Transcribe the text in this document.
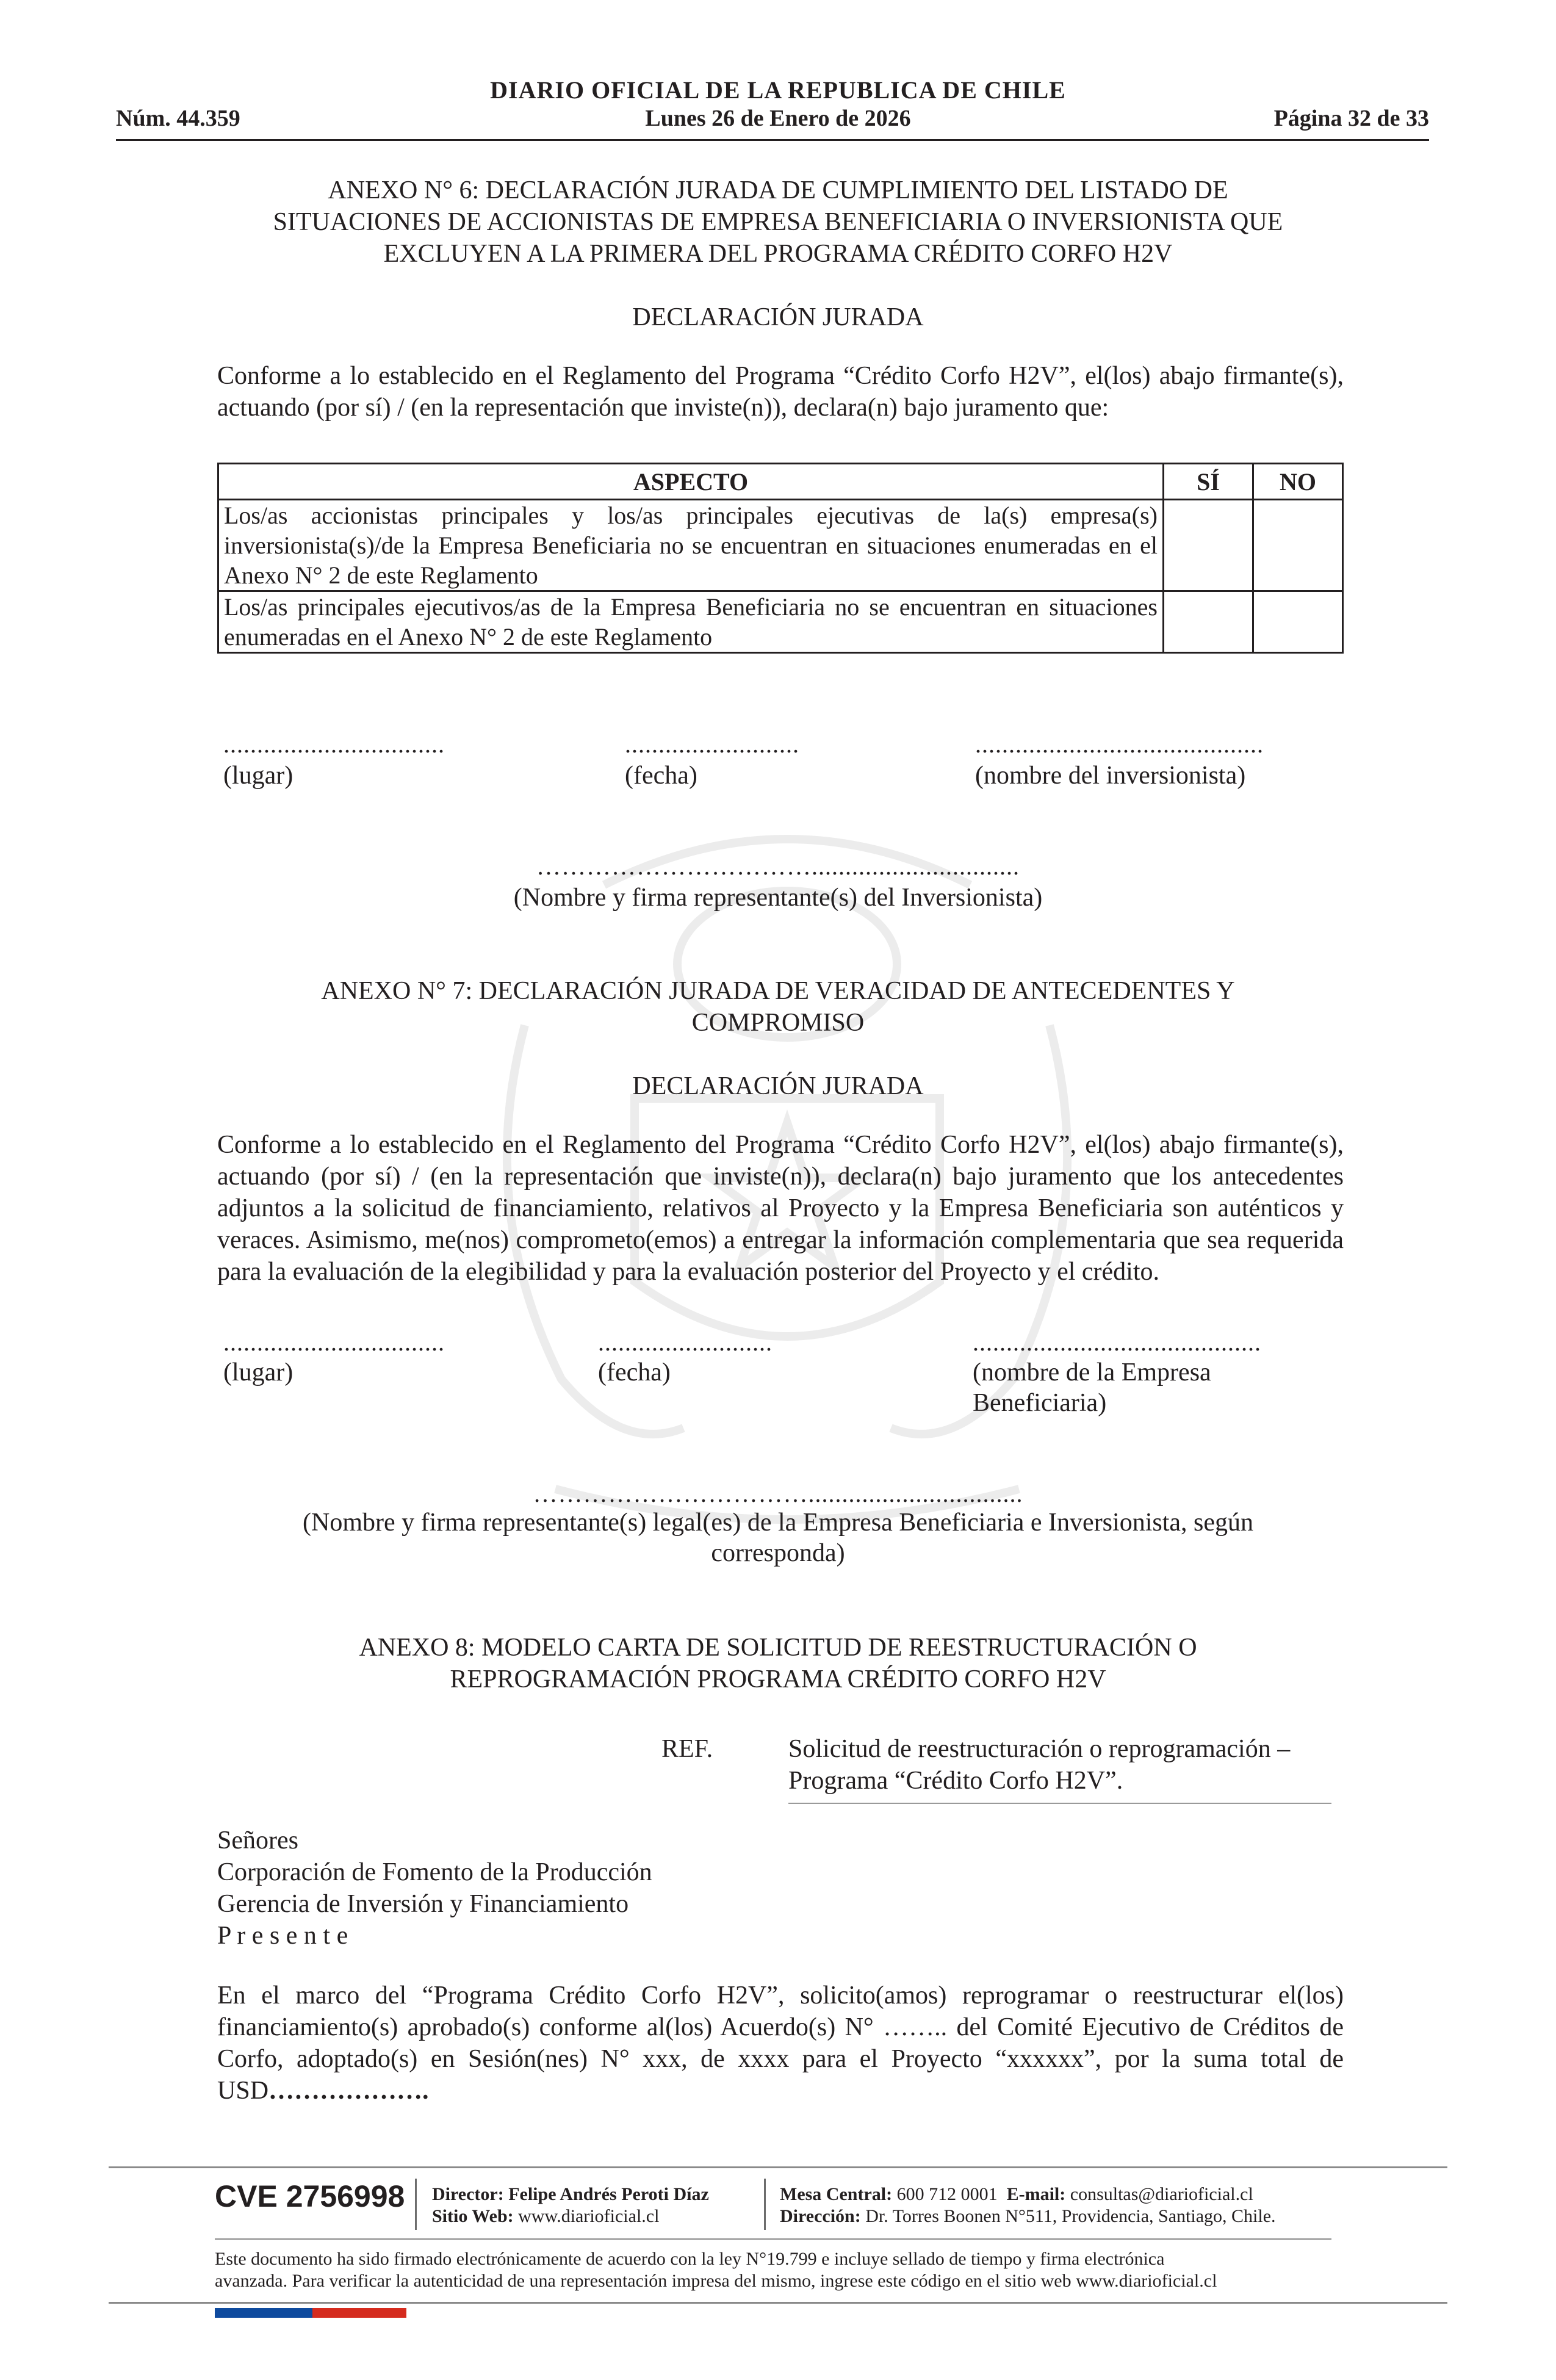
DIARIO OFICIAL DE LA REPUBLICA DE CHILE
Núm. 44.359	Lunes 26 de Enero de 2026	Página 32 de 33
ANEXO N° 6: DECLARACIÓN JURADA DE CUMPLIMIENTO DEL LISTADO DE
SITUACIONES DE ACCIONISTAS DE EMPRESA BENEFICIARIA O INVERSIONISTA QUE
EXCLUYEN A LA PRIMERA DEL PROGRAMA CRÉDITO CORFO H2V
DECLARACIÓN JURADA
Conforme a lo establecido en el Reglamento del Programa “Crédito Corfo H2V”, el(los) abajo firmante(s), actuando (por sí) / (en la representación que inviste(n)), declara(n) bajo juramento que:
ASPECTO	SÍ	NO
Los/as accionistas principales y los/as principales ejecutivas de la(s) empresa(s) inversionista(s)/de la Empresa Beneficiaria no se encuentran en situaciones enumeradas en el Anexo N° 2 de este Reglamento		
Los/as principales ejecutivos/as de la Empresa Beneficiaria no se encuentran en situaciones enumeradas en el Anexo N° 2 de este Reglamento		
.................................
(lugar)
..........................
(fecha)
...........................................
(nombre del inversionista)
……………………………...............................
(Nombre y firma representante(s) del Inversionista)
ANEXO N° 7: DECLARACIÓN JURADA DE VERACIDAD DE ANTECEDENTES Y
COMPROMISO
DECLARACIÓN JURADA
Conforme a lo establecido en el Reglamento del Programa “Crédito Corfo H2V”, el(los) abajo firmante(s), actuando (por sí) / (en la representación que inviste(n)), declara(n) bajo juramento que los antecedentes adjuntos a la solicitud de financiamiento, relativos al Proyecto y la Empresa Beneficiaria son auténticos y veraces. Asimismo, me(nos) comprometo(emos) a entregar la información complementaria que sea requerida para la evaluación de la elegibilidad y para la evaluación posterior del Proyecto y el crédito.
.................................
(lugar)
..........................
(fecha)
...........................................
(nombre de la Empresa
Beneficiaria)
……………………………................................
(Nombre y firma representante(s) legal(es) de la Empresa Beneficiaria e Inversionista, según
corresponda)
ANEXO 8: MODELO CARTA DE SOLICITUD DE REESTRUCTURACIÓN O
REPROGRAMACIÓN PROGRAMA CRÉDITO CORFO H2V
REF.	Solicitud de reestructuración o reprogramación –
Programa “Crédito Corfo H2V”.
Señores
Corporación de Fomento de la Producción
Gerencia de Inversión y Financiamiento
P r e s e n t e
En el marco del “Programa Crédito Corfo H2V”, solicito(amos) reprogramar o reestructurar el(los) financiamiento(s) aprobado(s) conforme al(los) Acuerdo(s) N° …….. del Comité Ejecutivo de Créditos de Corfo, adoptado(s) en Sesión(nes) N° xxx, de xxxx para el Proyecto “xxxxxx”, por la suma total de USD……………….
CVE 2756998 Director: Felipe Andrés Peroti Díaz
Sitio Web: www.diarioficial.cl
Mesa Central: 600 712 0001 E-mail: consultas@diarioficial.cl
Dirección: Dr. Torres Boonen N°511, Providencia, Santiago, Chile.
Este documento ha sido firmado electrónicamente de acuerdo con la ley N°19.799 e incluye sellado de tiempo y firma electrónica
avanzada. Para verificar la autenticidad de una representación impresa del mismo, ingrese este código en el sitio web www.diarioficial.cl
